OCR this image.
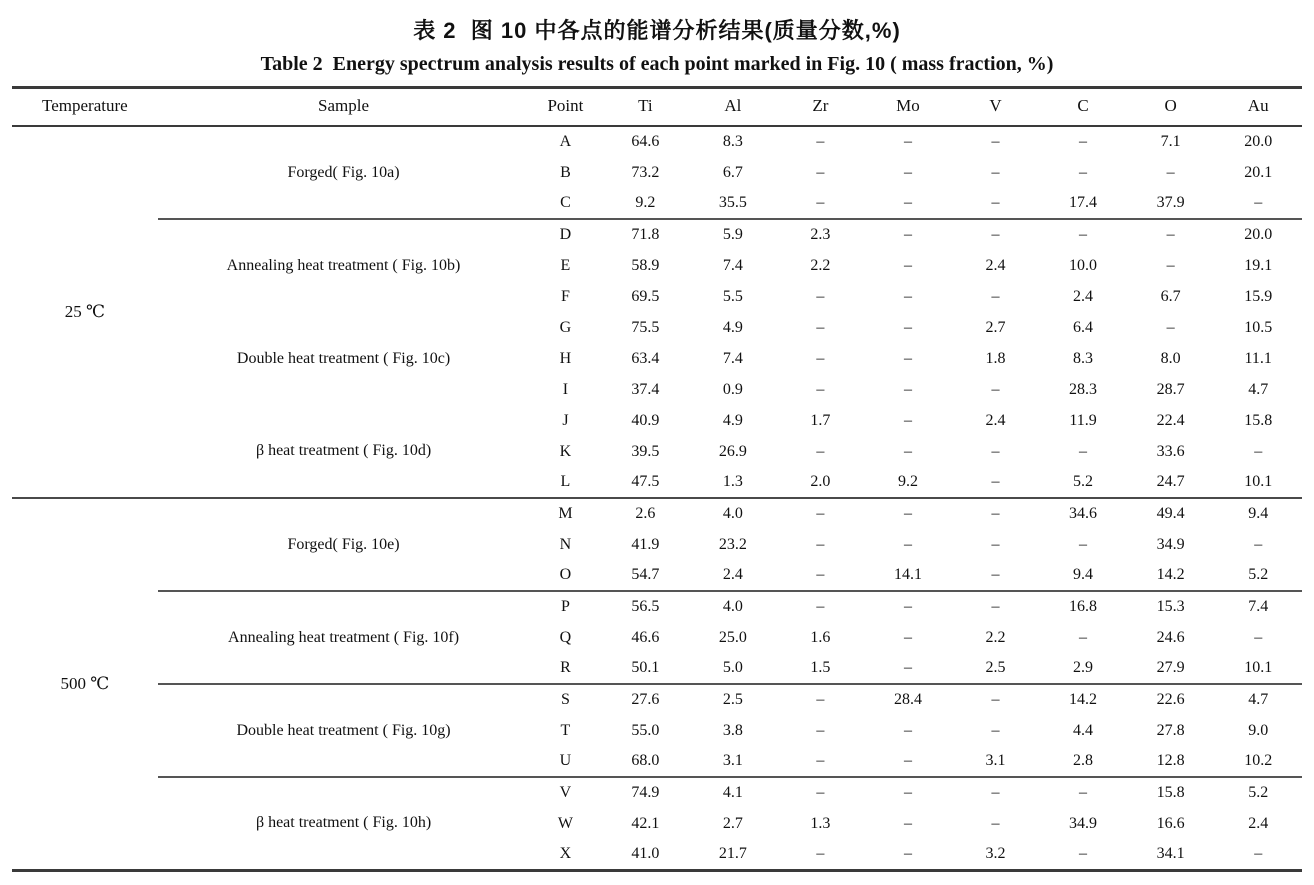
表 2  图 10 中各点的能谱分析结果(质量分数,%)
Table 2  Energy spectrum analysis results of each point marked in Fig. 10 ( mass fraction, %)
Temperature	Sample	Point	Ti	Al	Zr	Mo	V	C	O	Au
25 ℃	Forged( Fig. 10a)	A	64.6	8.3	–	–	–	–	7.1	20.0
		B	73.2	6.7	–	–	–	–	–	20.1
		C	9.2	35.5	–	–	–	17.4	37.9	–
	Annealing heat treatment ( Fig. 10b)	D	71.8	5.9	2.3	–	–	–	–	20.0
		E	58.9	7.4	2.2	–	2.4	10.0	–	19.1
		F	69.5	5.5	–	–	–	2.4	6.7	15.9
	Double heat treatment ( Fig. 10c)	G	75.5	4.9	–	–	2.7	6.4	–	10.5
		H	63.4	7.4	–	–	1.8	8.3	8.0	11.1
		I	37.4	0.9	–	–	–	28.3	28.7	4.7
	β heat treatment ( Fig. 10d)	J	40.9	4.9	1.7	–	2.4	11.9	22.4	15.8
		K	39.5	26.9	–	–	–	–	33.6	–
		L	47.5	1.3	2.0	9.2	–	5.2	24.7	10.1
500 ℃	Forged( Fig. 10e)	M	2.6	4.0	–	–	–	34.6	49.4	9.4
		N	41.9	23.2	–	–	–	–	34.9	–
		O	54.7	2.4	–	14.1	–	9.4	14.2	5.2
	Annealing heat treatment ( Fig. 10f)	P	56.5	4.0	–	–	–	16.8	15.3	7.4
		Q	46.6	25.0	1.6	–	2.2	–	24.6	–
		R	50.1	5.0	1.5	–	2.5	2.9	27.9	10.1
	Double heat treatment ( Fig. 10g)	S	27.6	2.5	–	28.4	–	14.2	22.6	4.7
		T	55.0	3.8	–	–	–	4.4	27.8	9.0
		U	68.0	3.1	–	–	3.1	2.8	12.8	10.2
	β heat treatment ( Fig. 10h)	V	74.9	4.1	–	–	–	–	15.8	5.2
		W	42.1	2.7	1.3	–	–	34.9	16.6	2.4
		X	41.0	21.7	–	–	3.2	–	34.1	–
